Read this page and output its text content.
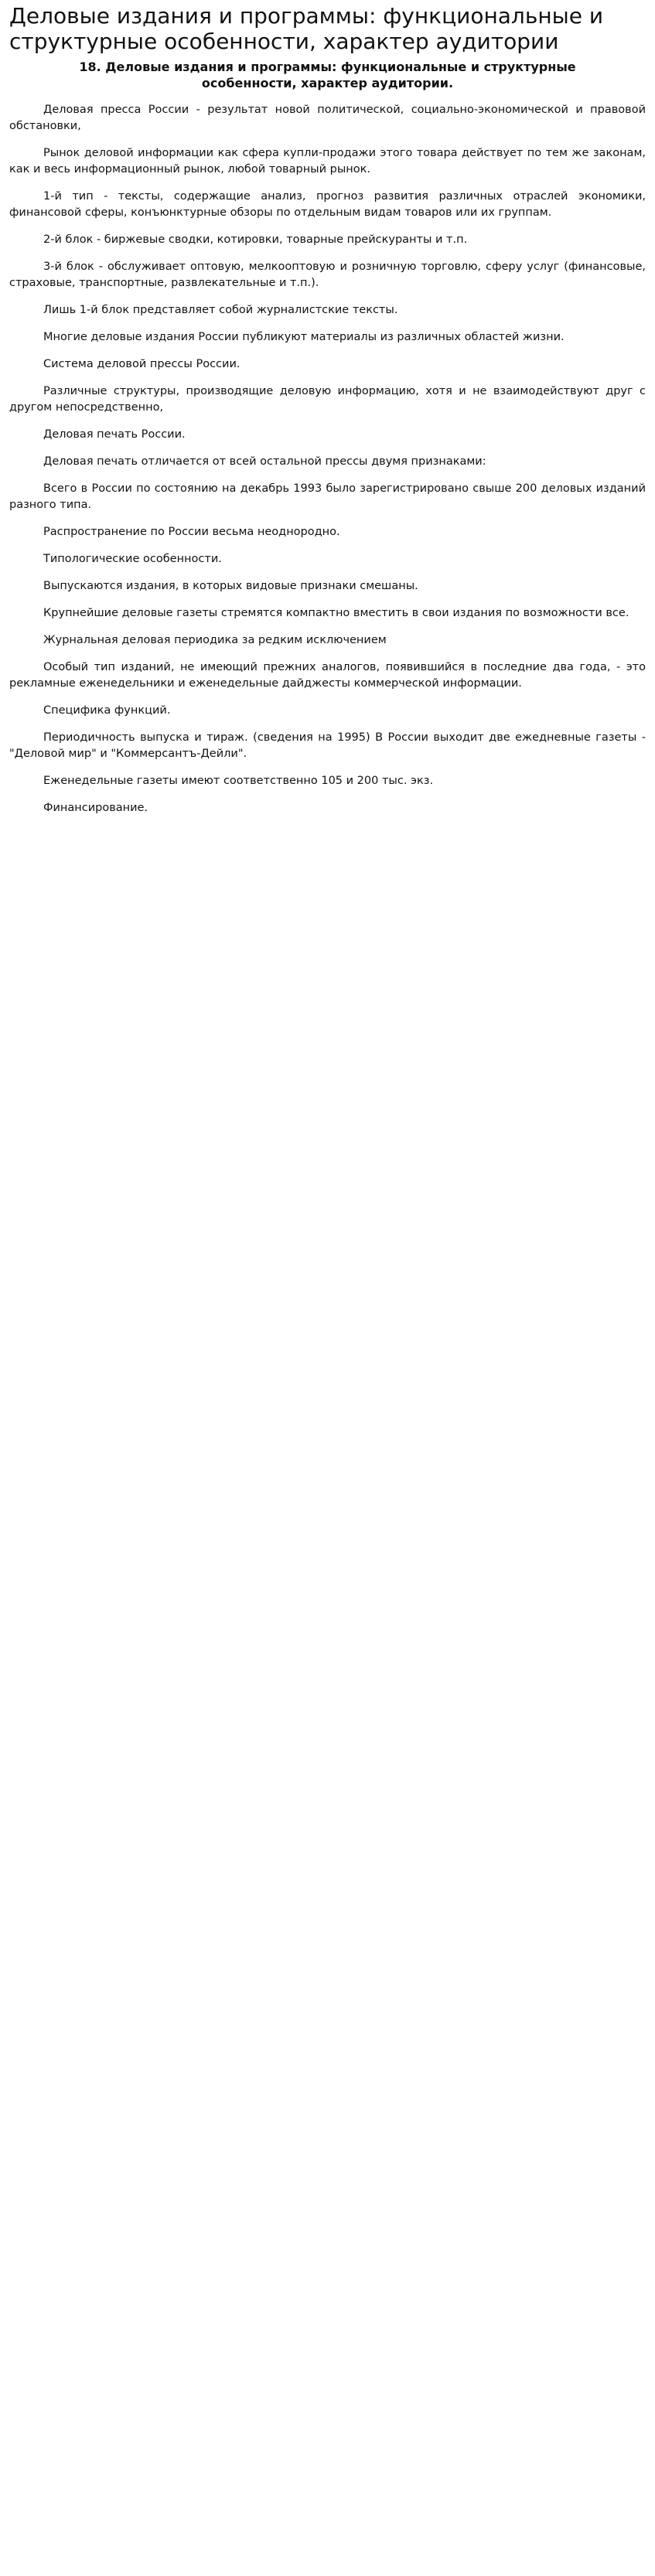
Деловые издания и программы: функциональные и структурные особенности, характер аудитории
18. Деловые издания и программы: функциональные и структурные особенности, характер аудитории.

Деловая пресса России - результат новой политической, социально-экономической и правовой обстановки,

Рынок деловой информации как сфера купли-продажи этого товара действует по тем же законам, как и весь информационный рынок, любой товарный рынок.

1-й тип - тексты, содержащие анализ, прогноз развития различных отраслей экономики, финансовой сферы, конъюнктурные обзоры по отдельным видам товаров или их группам.

2-й блок - биржевые сводки, котировки, товарные прейскуранты и т.п.

3-й блок - обслуживает оптовую, мелкооптовую и розничную торговлю, сферу услуг (финансовые, страховые, транспортные, развлекательные и т.п.).

Лишь 1-й блок представляет собой журналистские тексты.

Многие деловые издания России публикуют материалы из различных областей жизни.

Система деловой прессы России.

Различные структуры, производящие деловую информацию, хотя и не взаимодействуют друг с другом непосредственно,

Деловая печать России.

Деловая печать отличается от всей остальной прессы двумя признаками:

Всего в России по состоянию на декабрь 1993 было зарегистрировано свыше 200 деловых изданий разного типа.

Распространение по России весьма неоднородно.

Типологические особенности.

Выпускаются издания, в которых видовые признаки смешаны.

Крупнейшие деловые газеты стремятся компактно вместить в свои издания по возможности все.

Журнальная деловая периодика за редким исключением

Особый тип изданий, не имеющий прежних аналогов, появившийся в последние два года, - это рекламные еженедельники и еженедельные дайджесты коммерческой информации.

Специфика функций.

Периодичность выпуска и тираж. (сведения на 1995) В России выходит две ежедневные газеты - "Деловой мир" и "Коммерсантъ-Дейли".

Еженедельные газеты имеют соответственно 105 и 200 тыс. экз.

Финансирование.
